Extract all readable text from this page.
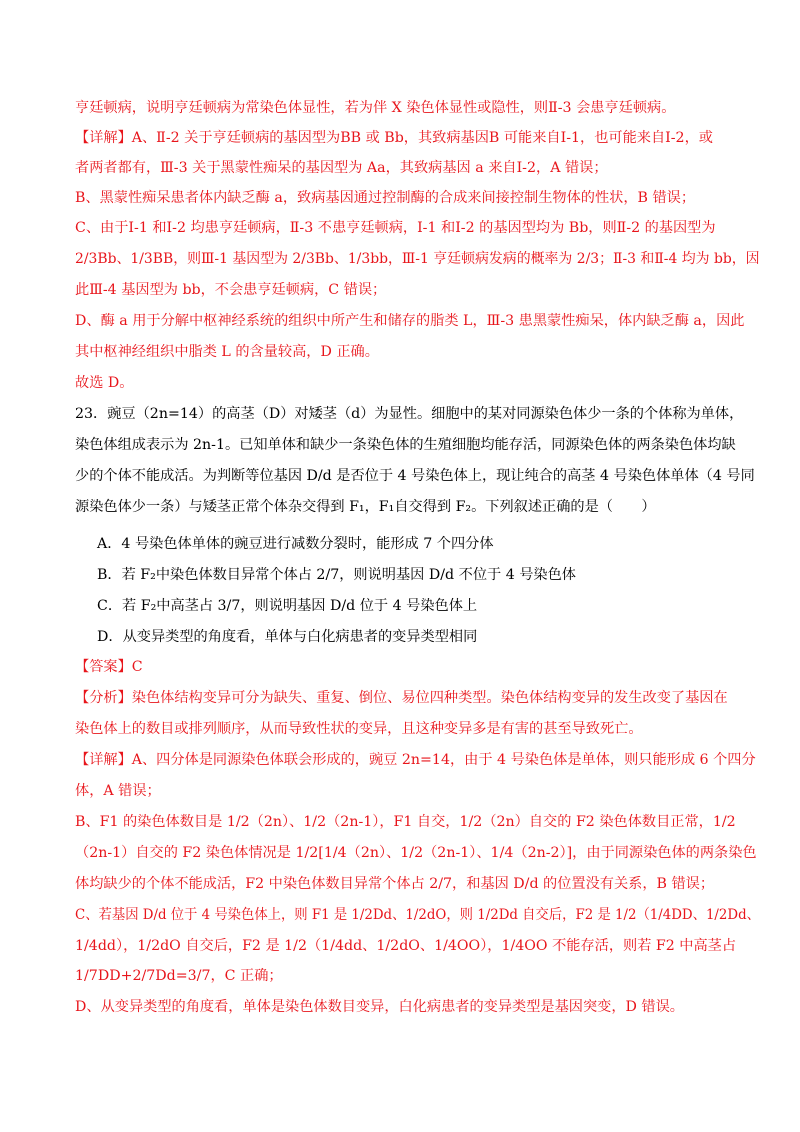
亨廷顿病，说明亨廷顿病为常染色体显性，若为伴 X 染色体显性或隐性，则Ⅱ-3 会患亨廷顿病。

【详解】A、Ⅱ-2 关于亨廷顿病的基因型为BB 或 Bb，其致病基因B 可能来自Ⅰ-1，也可能来自Ⅰ-2，或

者两者都有，Ⅲ-3 关于黑蒙性痴呆的基因型为 Aa，其致病基因 a 来自Ⅰ-2，A 错误；

B、黑蒙性痴呆患者体内缺乏酶 a，致病基因通过控制酶的合成来间接控制生物体的性状，B 错误；

C、由于Ⅰ-1 和Ⅰ-2 均患亨廷顿病，Ⅱ-3 不患亨廷顿病，Ⅰ-1 和Ⅰ-2 的基因型均为 Bb，则Ⅱ-2 的基因型为

2/3Bb、1/3BB，则Ⅲ-1 基因型为 2/3Bb、1/3bb，Ⅲ-1 亨廷顿病发病的概率为 2/3；Ⅱ-3 和Ⅱ-4 均为 bb，因

此Ⅲ-4 基因型为 bb，不会患亨廷顿病，C 错误；

D、酶 a 用于分解中枢神经系统的组织中所产生和储存的脂类 L，Ⅲ-3 患黑蒙性痴呆，体内缺乏酶 a，因此

其中枢神经组织中脂类 L 的含量较高，D 正确。

故选 D。

23．豌豆（2n=14）的高茎（D）对矮茎（d）为显性。细胞中的某对同源染色体少一条的个体称为单体，

染色体组成表示为 2n-1。已知单体和缺少一条染色体的生殖细胞均能存活，同源染色体的两条染色体均缺

少的个体不能成活。为判断等位基因 D/d 是否位于 4 号染色体上，现让纯合的高茎 4 号染色体单体（4 号同

源染色体少一条）与矮茎正常个体杂交得到 F₁，F₁自交得到 F₂。下列叙述正确的是（　　）

A．4 号染色体单体的豌豆进行减数分裂时，能形成 7 个四分体

B．若 F₂中染色体数目异常个体占 2/7，则说明基因 D/d 不位于 4 号染色体

C．若 F₂中高茎占 3/7，则说明基因 D/d 位于 4 号染色体上

D．从变异类型的角度看，单体与白化病患者的变异类型相同

【答案】C

【分析】染色体结构变异可分为缺失、重复、倒位、易位四种类型。染色体结构变异的发生改变了基因在

染色体上的数目或排列顺序，从而导致性状的变异，且这种变异多是有害的甚至导致死亡。

【详解】A、四分体是同源染色体联会形成的，豌豆 2n=14，由于 4 号染色体是单体，则只能形成 6 个四分

体，A 错误；

B、F1 的染色体数目是 1/2（2n）、1/2（2n-1），F1 自交，1/2（2n）自交的 F2 染色体数目正常，1/2

（2n-1）自交的 F2 染色体情况是 1/2[1/4（2n）、1/2（2n-1）、1/4（2n-2）]，由于同源染色体的两条染色

体均缺少的个体不能成活，F2 中染色体数目异常个体占 2/7，和基因 D/d 的位置没有关系，B 错误；

C、若基因 D/d 位于 4 号染色体上，则 F1 是 1/2Dd、1/2dO，则 1/2Dd 自交后，F2 是 1/2（1/4DD、1/2Dd、

1/4dd），1/2dO 自交后，F2 是 1/2（1/4dd、1/2dO、1/4OO），1/4OO 不能存活，则若 F2 中高茎占

1/7DD+2/7Dd=3/7，C 正确；

D、从变异类型的角度看，单体是染色体数目变异，白化病患者的变异类型是基因突变，D 错误。
